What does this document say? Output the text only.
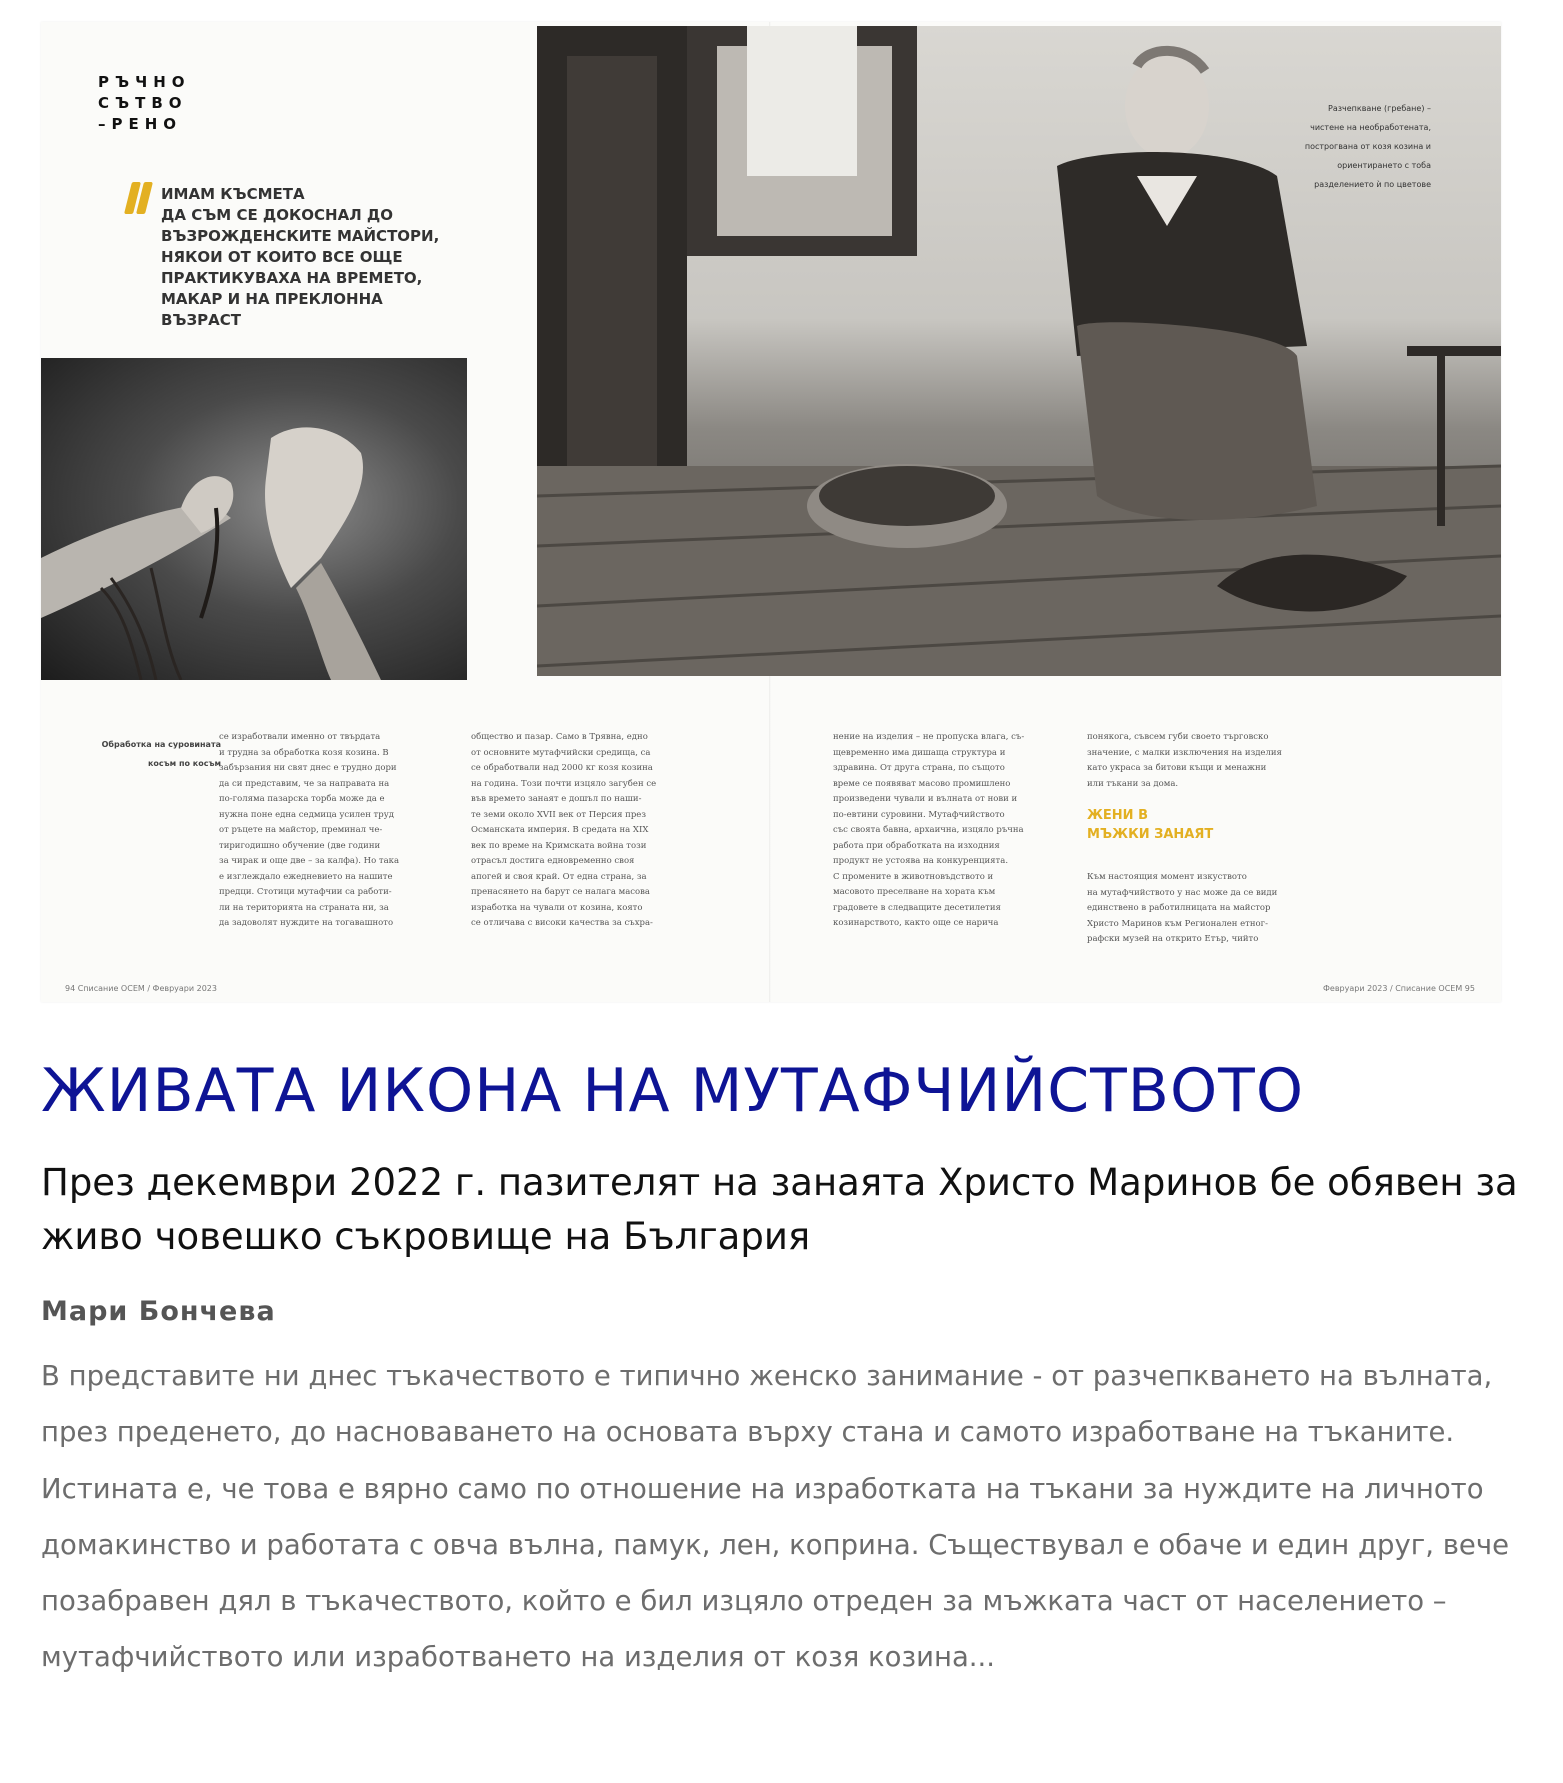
РЪЧНО
СЪТВО
–РЕНО
ИМАМ КЪСМЕТА
ДА СЪМ СЕ ДОКОСНАЛ ДО
ВЪЗРОЖДЕНСКИТЕ МАЙСТОРИ,
НЯКОИ ОТ КОИТО ВСЕ ОЩЕ
ПРАКТИКУВАХА НА ВРЕМЕТО,
МАКАР И НА ПРЕКЛОННА
ВЪЗРАСТ
Разчепкване (гребане) – чистене на необработената, построгвана от козя козина и ориентирането с тоба разделението ѝ по цветове
Обработка на суровината косъм по косъм
се изработвали именно от твърдата
и трудна за обработка козя козина. В
забързания ни свят днес е трудно дори
да си представим, че за направата на
по-голяма пазарска торба може да е
нужна поне една седмица усилен труд
от ръцете на майстор, преминал че-
тиригодишно обучение (две години
за чирак и още две – за калфа). Но така
е изглеждало ежедневието на нашите
предци. Стотици мутафчии са работи-
ли на територията на страната ни, за
да задоволят нуждите на тогавашното
общество и пазар. Само в Трявна, едно
от основните мутафчийски средища, са
се обработвали над 2000 кг козя козина
на година. Този почти изцяло загубен се
във времето занаят е дошъл по наши-
те земи около XVII век от Персия през
Османската империя. В средата на XIX
век по време на Кримската война този
отрасъл достига едновременно своя
апогей и своя край. От една страна, за
пренасянето на барут се налага масова
изработка на чували от козина, която
се отличава с високи качества за съхра-
нение на изделия – не пропуска влага, съ-
щевременно има дишаща структура и
здравина. От друга страна, по същото
време се появяват масово промишлено
произведени чували и вълната от нови и
по-евтини суровини. Мутафчийството
със своята бавна, архаична, изцяло ръчна
работа при обработката на изходния
продукт не устоява на конкуренцията.
С промените в животновъдството и
масовото преселване на хората към
градовете в следващите десетилетия
козинарството, както още се нарича
понякога, съвсем губи своето търговско
значение, с малки изключения на изделия
като украса за битови къщи и менажни
или тъкани за дома.
ЖЕНИ В
МЪЖКИ ЗАНАЯТ
Към настоящия момент изкуството
на мутафчийството у нас може да се види
единствено в работилницата на майстор
Христо Маринов към Регионален етног-
рафски музей на открито Етър, чийто
94 Списание ОСЕМ / Февруари 2023	Февруари 2023 / Списание ОСЕМ 95
ЖИВАТА ИКОНА НА МУТАФЧИЙСТВОТО
През декември 2022 г. пазителят на занаята Христо Маринов бе обявен за живо човешко съкровище на България
Мари Бончева
В представите ни днес тъкачеството е типично женско занимание - от разчепкването на вълната, през преденето, до насноваването на основата върху стана и самото изработване на тъканите. Истината е, че това е вярно само по отношение на изработката на тъкани за нуждите на личното домакинство и работата с овча вълна, памук, лен, коприна. Съществувал е обаче и един друг, вече позабравен дял в тъкачеството, който е бил изцяло отреден за мъжката част от населението – мутафчийството или изработването на изделия от козя козина...
